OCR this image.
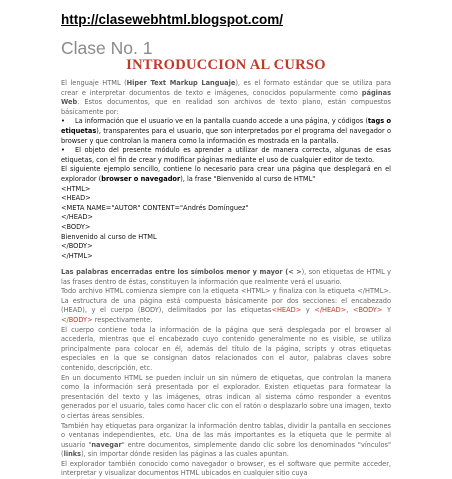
http://clasewebhtml.blogspot.com/
Clase No. 1
INTRODUCCION AL CURSO
El lenguaje HTML (Hiper Text Markup Languaje), es el formato estándar que se utiliza para crear e interpretar documentos de texto e imágenes, conocidos popularmente como páginas Web. Estos documentos, que en realidad son archivos de texto plano, están compuestos básicamente por:
• La información que el usuario ve en la pantalla cuando accede a una página, y códigos (tags o etiquetas), transparentes para el usuario, que son interpretados por el programa del navegador o browser y que controlan la manera como la información es mostrada en la pantalla.
• El objeto del presente módulo es aprender a utilizar de manera correcta, algunas de esas etiquetas, con el fin de crear y modificar páginas mediante el uso de cualquier editor de texto.
El siguiente ejemplo sencillo, contiene lo necesario para crear una página que desplegará en el explorador (browser o navegador), la frase "Bienvenido al curso de HTML"
<HTML>
<HEAD>
<META NAME="AUTOR" CONTENT="Andrés Domínguez"
</HEAD>
<BODY>
Bienvenido al curso de HTML
</BODY>
</HTML>
Las palabras encerradas entre los símbolos menor y mayor (< >), son etiquetas de HTML y las frases dentro de éstas, constituyen la información que realmente verá el usuario.
Todo archivo HTML comienza siempre con la etiqueta <HTML> y finaliza con la etiqueta </HTML>. La estructura de una página está compuesta básicamente por dos secciones: el encabezado (HEAD), y el cuerpo (BODY), delimitados por las etiquetas<HEAD> y </HEAD>, <BODY> Y </BODY> respectivamente.
El cuerpo contiene toda la información de la página que será desplegada por el browser al accederla, mientras que el encabezado cuyo contenido generalmente no es visible, se utiliza principalmente para colocar en él, además del título de la página, scripts y otras etiquetas especiales en la que se consignan datos relacionados con el autor, palabras claves sobre contenido, descripción, etc.
En un documento HTML se pueden incluir un sin número de etiquetas, que controlan la manera como la información será presentada por el explorador. Existen etiquetas para formatear la presentación del texto y las imágenes, otras indican al sistema cómo responder a eventos generados por el usuario, tales como hacer clic con el ratón o desplazarlo sobre una imagen, texto o ciertas áreas sensibles.
También hay etiquetas para organizar la información dentro tablas, dividir la pantalla en secciones o ventanas independientes, etc. Una de las más importantes es la etiqueta que le permite al usuario "navegar" entre documentos, simplemente dando clic sobre los denominados "vínculos" (links), sin importar dónde residen las páginas a las cuales apuntan.
El explorador también conocido como navegador o browser, es el software que permite acceder, interpretar y visualizar documentos HTML ubicados en cualquier sitio cuya
